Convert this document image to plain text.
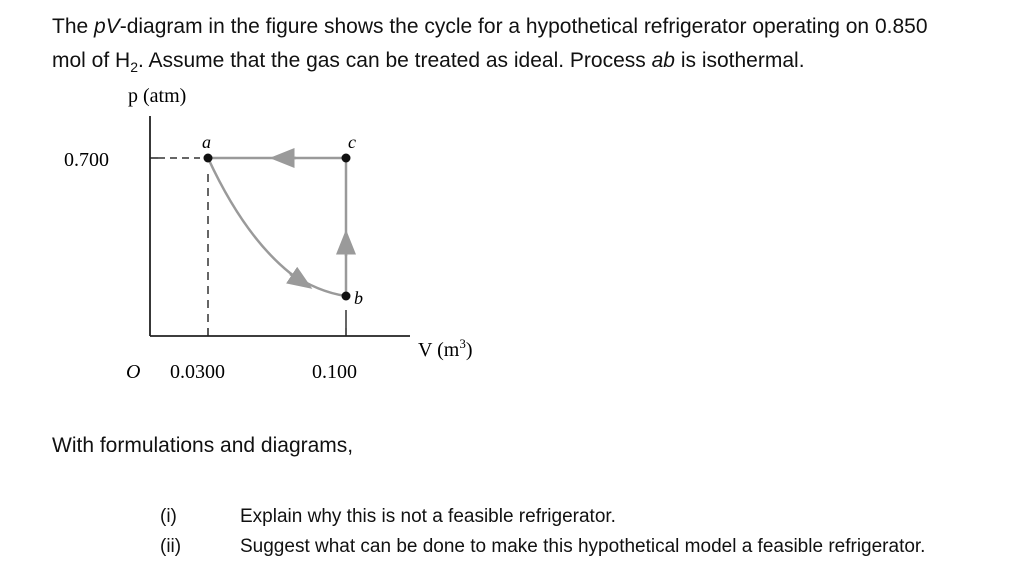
The pV-diagram in the figure shows the cycle for a hypothetical refrigerator operating on 0.850
mol of $H_2$. Assume that the gas can be treated as ideal. Process ab is isothermal.

p (atm)
0.700
a
b
c
O 0.0300	0.100
V $(m^3)$

With formulations and diagrams,

(i)	Explain why this is not a feasible refrigerator.
(ii)	Suggest what can be done to make this hypothetical model a feasible refrigerator.
